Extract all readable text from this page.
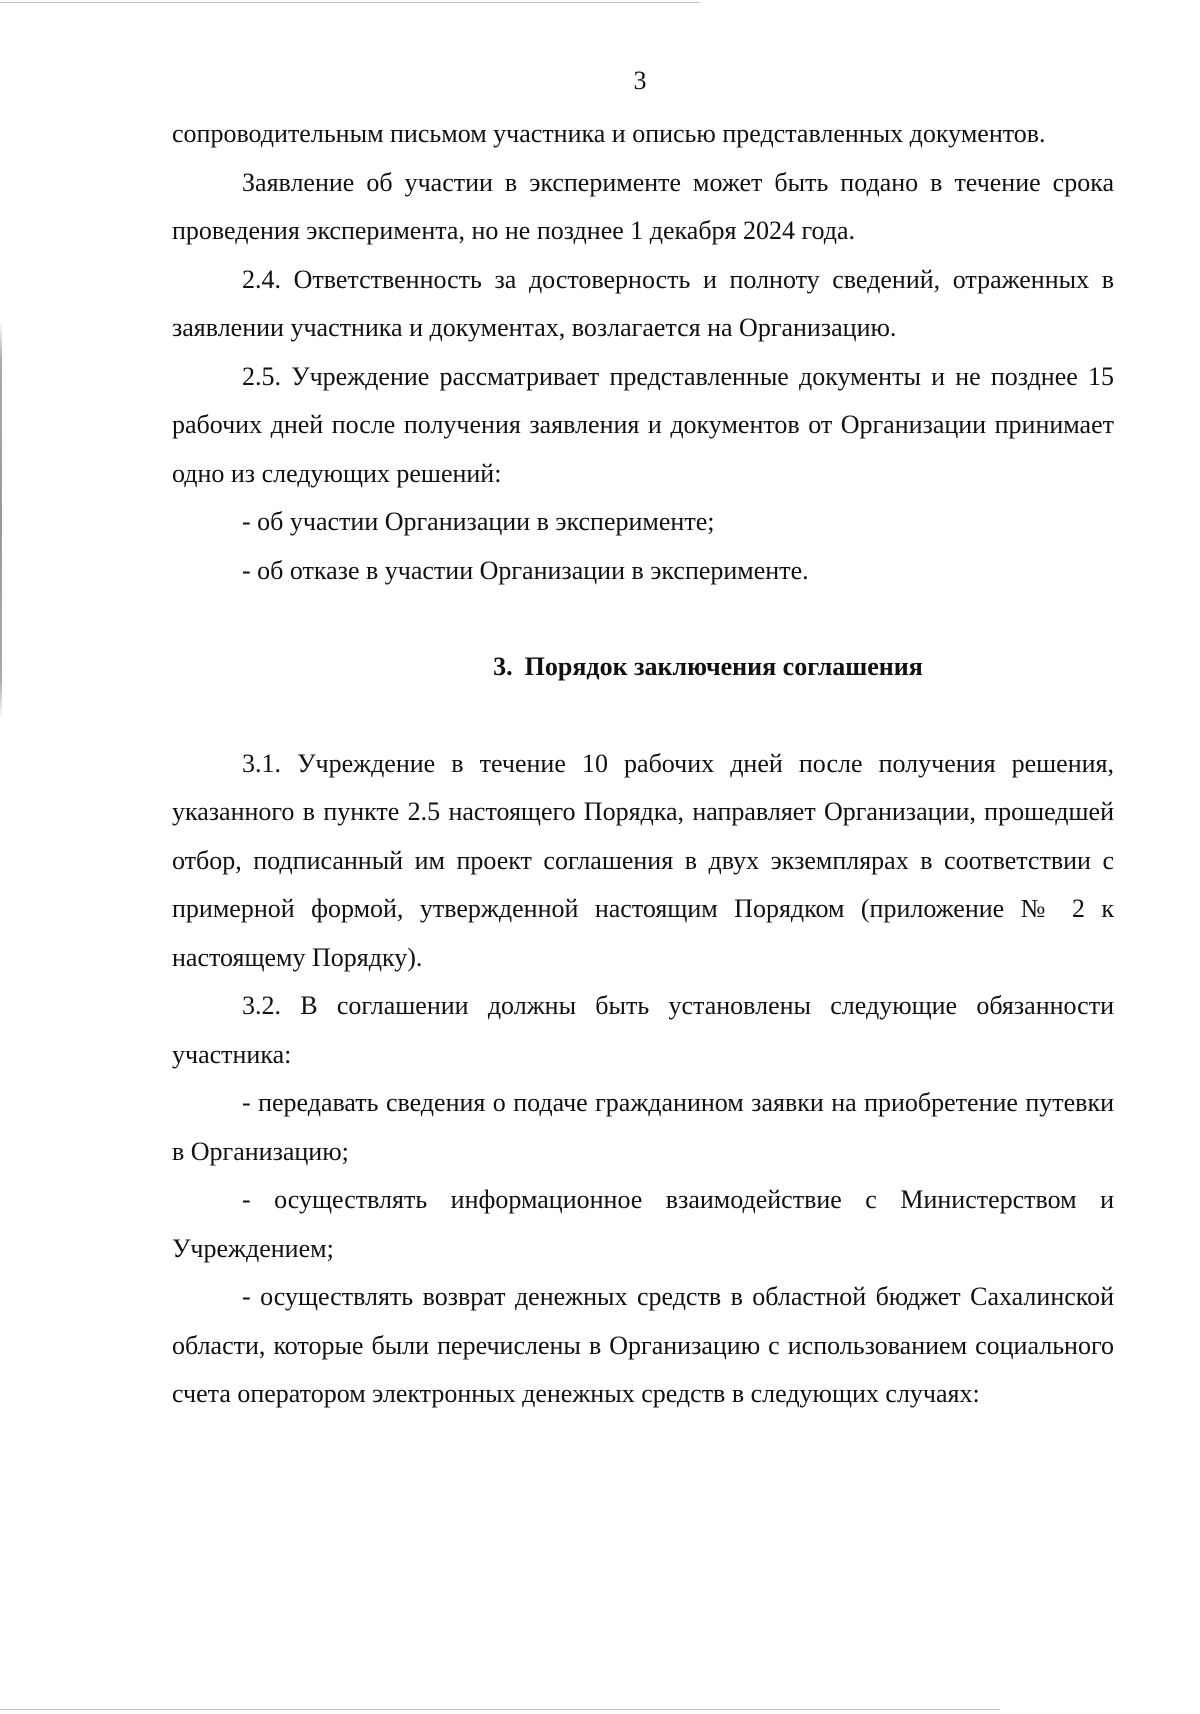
3

сопроводительным письмом участника и описью представленных документов.

Заявление об участии в эксперименте может быть подано в течение срока проведения эксперимента, но не позднее 1 декабря 2024 года.

2.4. Ответственность за достоверность и полноту сведений, отраженных в заявлении участника и документах, возлагается на Организацию.

2.5. Учреждение рассматривает представленные документы и не позднее 15 рабочих дней после получения заявления и документов от Организации принимает одно из следующих решений:

- об участии Организации в эксперименте;

- об отказе в участии Организации в эксперименте.

3. Порядок заключения соглашения

3.1. Учреждение в течение 10 рабочих дней после получения решения, указанного в пункте 2.5 настоящего Порядка, направляет Организации, прошедшей отбор, подписанный им проект соглашения в двух экземплярах в соответствии с примерной формой, утвержденной настоящим Порядком (приложение № 2 к настоящему Порядку).

3.2. В соглашении должны быть установлены следующие обязанности участника:

- передавать сведения о подаче гражданином заявки на приобретение путевки в Организацию;

- осуществлять информационное взаимодействие с Министерством и Учреждением;

- осуществлять возврат денежных средств в областной бюджет Сахалинской области, которые были перечислены в Организацию с использованием социального счета оператором электронных денежных средств в следующих случаях:
